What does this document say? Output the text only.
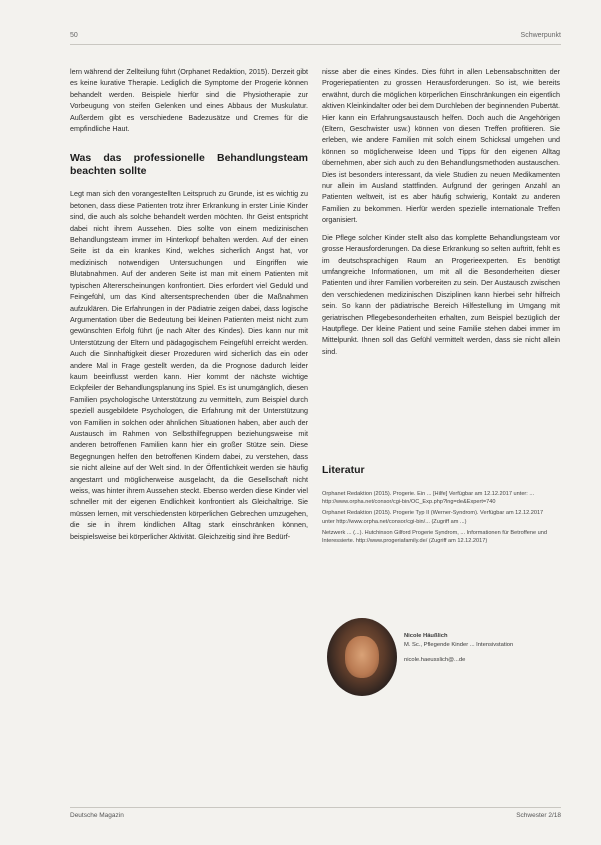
50	Schwerpunkt

lern während der Zellteilung führt (Orphanet Redaktion, 2015). Derzeit gibt es keine kurative Therapie. Lediglich die Symptome der Progerie können behandelt werden. Beispiele hierfür sind die Physiotherapie zur Vorbeugung von steifen Gelenken und eines Abbaus der Muskulatur. Außerdem gibt es verschiedene Badezusätze und Cremes für die empfindliche Haut.

Was das professionelle Behandlungsteam beachten sollte

Legt man sich den vorangestellten Leitspruch zu Grunde, ist es wichtig zu betonen, dass diese Patienten trotz ihrer Erkrankung in erster Linie Kinder sind, die auch als solche behandelt werden möchten. Ihr Geist entspricht dabei nicht ihrem Aussehen. Dies sollte von einem medizinischen Behandlungsteam immer im Hinterkopf behalten werden. Auf der einen Seite ist da ein krankes Kind, welches sicherlich Angst hat, vor medizinisch notwendigen Untersuchungen und Eingriffen wie Blutabnahmen. Auf der anderen Seite ist man mit einem Patienten mit typischen Altererscheinungen konfrontiert. Dies erfordert viel Geduld und Feingefühl, um das Kind altersentsprechenden über die Maßnahmen aufzuklären. Die Erfahrungen in der Pädiatrie zeigen dabei, dass logische Argumentation über die Bedeutung bei kleinen Patienten meist nicht zum gewünschten Erfolg führt (je nach Alter des Kindes). Dies kann nur mit Unterstützung der Eltern und pädagogischem Feingefühl erreicht werden. Auch die Sinnhaftigkeit dieser Prozeduren wird sicherlich das ein oder andere Mal in Frage gestellt werden, da die Prognose dadurch leider kaum beeinflusst werden kann. Hier kommt der nächste wichtige Eckpfeiler der Behandlungsplanung ins Spiel. Es ist unumgänglich, diesen Familien psychologische Unterstützung zu vermitteln, zum Beispiel durch speziell ausgebildete Psychologen, die Erfahrung mit der Unterstützung von Familien in solchen oder ähnlichen Situationen haben, aber auch der Austausch im Rahmen von Selbsthilfegruppen beziehungsweise mit anderen betroffenen Familien kann hier ein großer Stütze sein. Diese Begegnungen helfen den betroffenen Kindern dabei, zu verstehen, dass sie nicht alleine auf der Welt sind. In der Öffentlichkeit werden sie häufig angestarrt und möglicherweise ausgelacht, da die Gesellschaft nicht weiss, was hinter ihrem Aussehen steckt. Ebenso werden diese Kinder viel schneller mit der eigenen Endlichkeit konfrontiert als Gleichaltrige. Sie müssen lernen, mit verschiedensten körperlichen Gebrechen umzugehen, die sie in ihrem kindlichen Alltag stark einschränken können, beispielsweise bei körperlicher Aktivität. Gleichzeitig sind ihre Bedürf-

nisse aber die eines Kindes. Dies führt in allen Lebensabschnitten der Progeriepatienten zu grossen Herausforderungen. So ist, wie bereits erwähnt, durch die möglichen körperlichen Einschränkungen ein eigentlich aktiven Kleinkindalter oder bei dem Durchleben der beginnenden Pubertät. Hier kann ein Erfahrungsaustausch helfen. Doch auch die Angehörigen (Eltern, Geschwister usw.) können von diesen Treffen profitieren. Sie erleben, wie andere Familien mit solch einem Schicksal umgehen und können so möglicherweise Ideen und Tipps für den eigenen Alltag übernehmen, aber sich auch zu den Behandlungsmethoden austauschen. Dies ist besonders interessant, da viele Studien zu neuen Medikamenten nur allein im Ausland stattfinden. Aufgrund der geringen Anzahl an Patienten weltweit, ist es aber häufig schwierig, Kontakt zu anderen Familien zu bekommen. Hierfür werden spezielle internationale Treffen organisiert.

Die Pflege solcher Kinder stellt also das komplette Behandlungsteam vor grosse Herausforderungen. Da diese Erkrankung so selten auftritt, fehlt es im deutschsprachigen Raum an Progerieexperten. Es benötigt umfangreiche Informationen, um mit all die Besonderheiten dieser Patienten und ihrer Familien vorbereiten zu sein. Der Austausch zwischen den verschiedenen medizinischen Disziplinen kann hierbei sehr hilfreich sein. So kann der pädiatrische Bereich Hilfestellung im Umgang mit geriatrischen Pflegebesonderheiten erhalten, zum Beispiel bezüglich der Hautpflege. Der kleine Patient und seine Familie stehen dabei immer im Mittelpunkt. Ihnen soll das Gefühl vermittelt werden, dass sie nicht allein sind.

Literatur

Orphanet Redaktion (2015). Progerie. Ein ... [Hilfe] Verfügbar am 12.12.2017 unter: ... http://www.orpha.net/consor/cgi-bin/OC_Exp.php?lng=de&Expert=740

Orphanet Redaktion (2015). Progerie Typ II (Werner-Syndrom). Verfügbar am 12.12.2017 unter http://www.orpha.net/consor/cgi-bin/... (Zugriff am ...)

Netzwerk ... (...). Hutchinson Gilford Progerie Syndrom, ... Informationen für Betroffene und Interessierte. http://www.progeriafamily.de/ (Zugriff am 12.12.2017)

Nicole Häußlich
M. Sc., Pflegende Kinder ... Intensivstation
nicole.haeusslich@...de
Deutsche Magazin	Schwester 2/18
